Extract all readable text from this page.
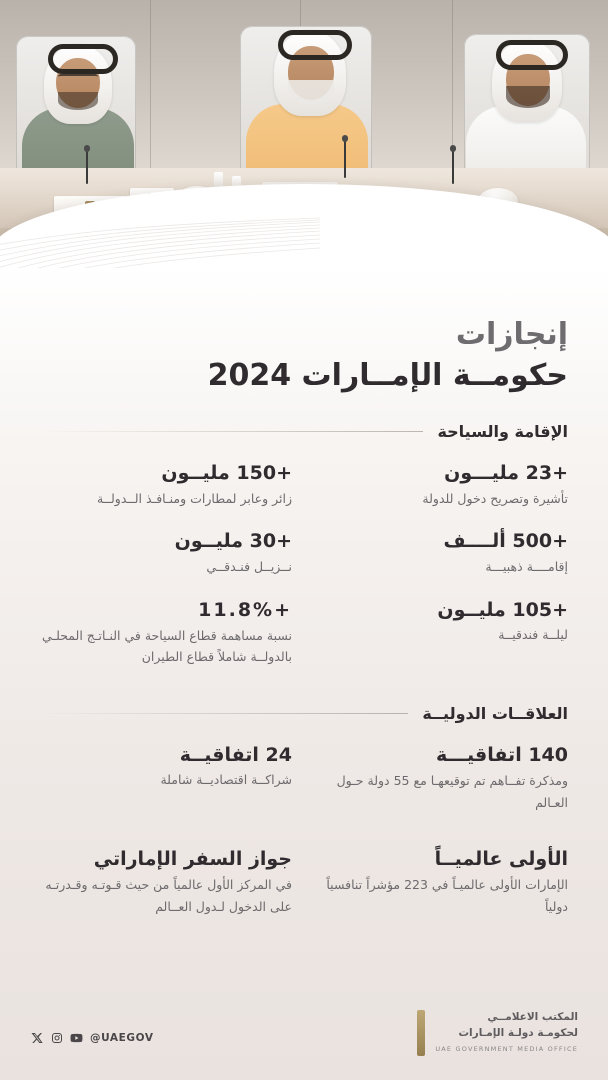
إنجازات
حكومــة الإمــارات 2024
الإقامة والسياحة
+23 مليـــون
تأشيرة وتصريح دخول للدولة
+150 مليــون
زائر وعابر لمطارات ومنـافـذ الــدولــة
+500 ألــــف
إقامــــة ذهبيـــة
+30 مليــون
نــزيــل فنـدقــي
+105 مليــون
ليلــة فندقيــة
+11.8%
نسبة مساهمة قطاع السياحة في النـاتـج المحلـي بالدولــة شاملاً قطاع الطيران
العلاقــات الدوليــة
140 اتفاقيـــة
ومذكرة تفــاهم تم توقيعهـا مع 55 دولة حـول العـالم
24 اتفاقيــة
شراكــة اقتصاديــة شاملة
الأولى عالميــاً
الإمارات الأولى عالميـاً في 223 مؤشراً تنافسياً دولياً
جواز السفر الإماراتي
في المركز الأول عالمياً من حيث قـوتـه وقـدرتـه على الدخول لـدول العــالم
المكتب الاعلامــي
لحكومـة دولـة الإمـارات
UAE GOVERNMENT MEDIA OFFICE
@UAEGOV
